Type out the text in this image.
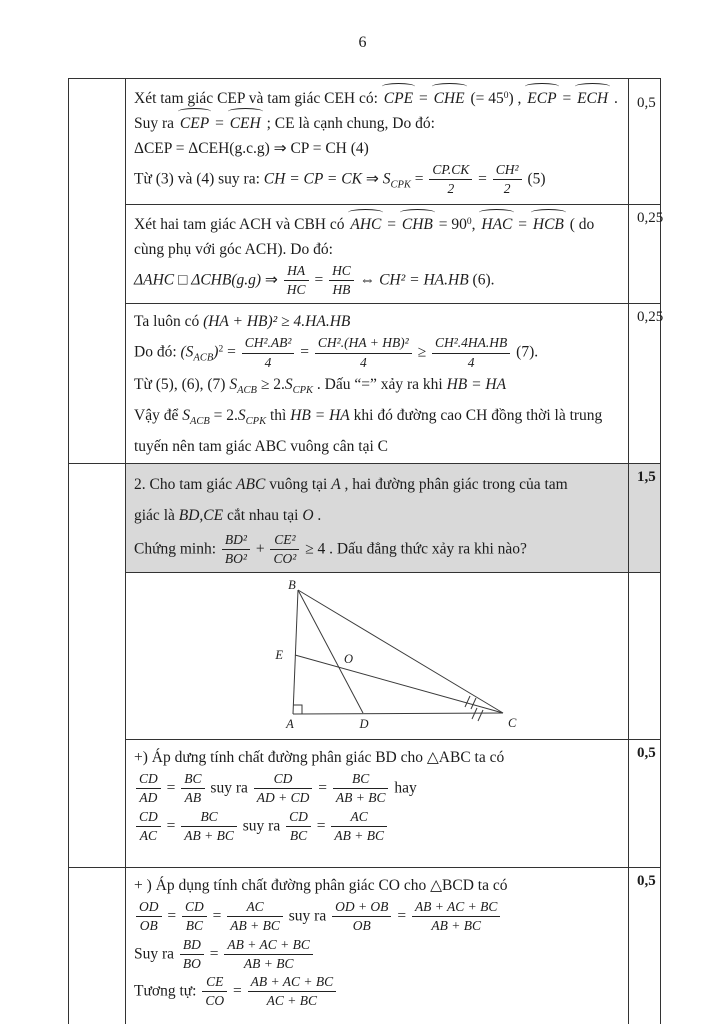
6

Xét tam giác CEP và tam giác CEH có: CPE = CHE (= $45^0$) , ECP = ECH .
Suy ra CEP = CEH ; CE là cạnh chung, Do đó:
ΔCEP = ΔCEH(g.c.g) ⇒ CP = CH (4)
Từ (3) và (4) suy ra: CH = CP = CK ⇒ $S_{CPK} = \frac{CP.CK}{2} = \frac{\text{CH²}}{2} (5)$
	0,5

Xét hai tam giác ACH và CBH có AHC = CHB = $90^0$, HAC = HCB ( do
cùng phụ với góc ACH). Do đó:
ΔAHC □ ΔCHB(g.g) ⇒ $\frac{HA}{HC} = \frac{HC}{HB}$ ⇔ CH² = HA.HB (6).
	0,25

Ta luôn có (HA + HB)² ≥ 4.HA.HB
Do đó: $(S_{ACB})^2 = \frac{\text{CH².AB²}}{4} = \frac{\text{CH².(HA + HB)²}}{4} \ge \frac{\text{CH².4HA.HB}}{4} (7)$.
Từ (5), (6), (7) $S_{ACB} \ge 2.S_{CPK}$ . Dấu “=” xảy ra khi HB = HA
Vậy để $S_{ACB} = 2.S_{CPK}$ thì HB = HA khi đó đường cao CH đồng thời là trung
tuyến nên tam giác ABC vuông cân tại C
	0,25

2. Cho tam giác ABC vuông tại A , hai đường phân giác trong của tam
giác là BD,CE cắt nhau tại O .
Chứng minh: $\frac{\text{BD²}}{\text{BO²}} + \frac{\text{CE²}}{\text{CO²}} \ge 4$ . Dấu đẳng thức xảy ra khi nào?
	1,5

B
E	O
A	D	C

+) Áp dưng tính chất đường phân giác BD cho △ABC ta có
$\frac{CD}{AD} = \frac{BC}{AB}$ suy ra $\frac{CD}{AD + CD} = \frac{BC}{AB + BC}$ hay
$\frac{CD}{AC} = \frac{BC}{AB + BC}$ suy ra $\frac{CD}{BC} = \frac{AC}{AB + BC}$
	0,5

+ ) Áp dụng tính chất đường phân giác CO cho △BCD ta có
$\frac{OD}{OB} = \frac{CD}{BC} = \frac{AC}{AB + BC}$ suy ra $\frac{OD + OB}{OB} = \frac{AB + AC + BC}{AB + BC}$
Suy ra $\frac{BD}{BO} = \frac{AB + AC + BC}{AB + BC}$
Tương tự: $\frac{CE}{CO} = \frac{AB + AC + BC}{AC + BC}$
	0,5
